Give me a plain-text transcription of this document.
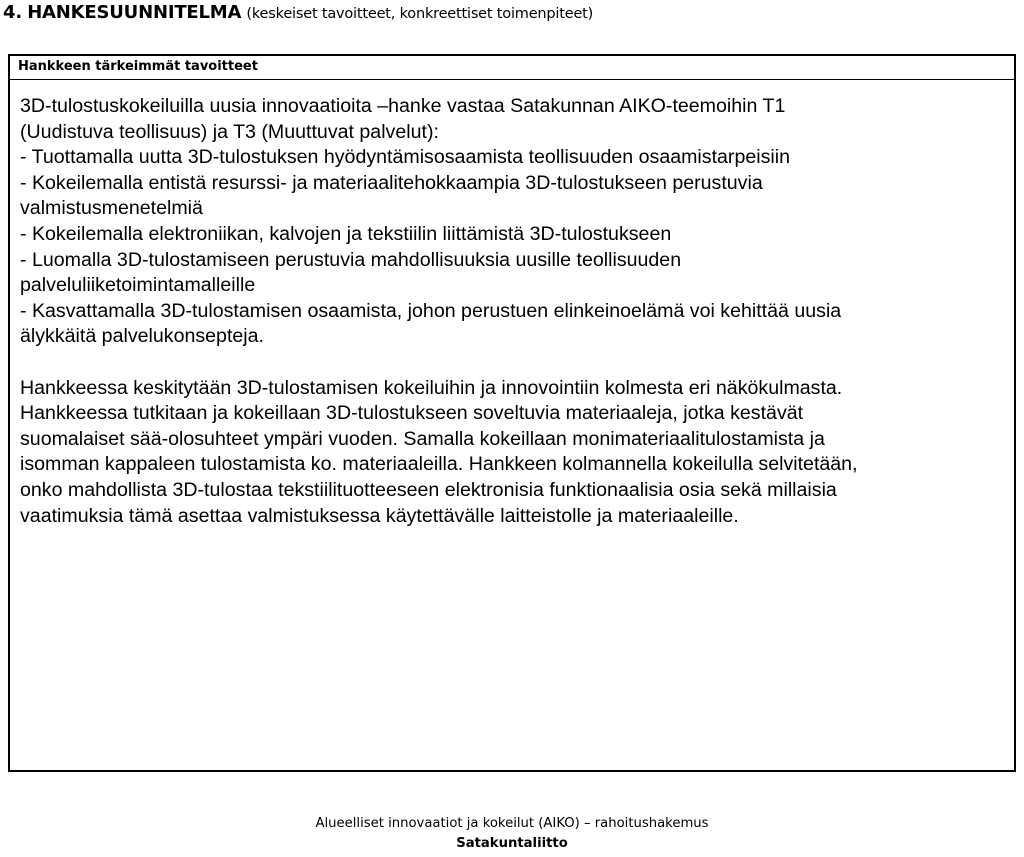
4. HANKESUUNNITELMA (keskeiset tavoitteet, konkreettiset toimenpiteet)
Hankkeen tärkeimmät tavoitteet

3D-tulostuskokeiluilla uusia innovaatioita –hanke vastaa Satakunnan AIKO-teemoihin T1

(Uudistuva teollisuus) ja T3 (Muuttuvat palvelut):

- Tuottamalla uutta 3D-tulostuksen hyödyntämisosaamista teollisuuden osaamistarpeisiin

- Kokeilemalla entistä resurssi- ja materiaalitehokkaampia 3D-tulostukseen perustuvia

valmistusmenetelmiä

- Kokeilemalla elektroniikan, kalvojen ja tekstiilin liittämistä 3D-tulostukseen

- Luomalla 3D-tulostamiseen perustuvia mahdollisuuksia uusille teollisuuden

palveluliiketoimintamalleille

- Kasvattamalla 3D-tulostamisen osaamista, johon perustuen elinkeinoelämä voi kehittää uusia

älykkäitä palvelukonsepteja.

Hankkeessa keskitytään 3D-tulostamisen kokeiluihin ja innovointiin kolmesta eri näkökulmasta.

Hankkeessa tutkitaan ja kokeillaan 3D-tulostukseen soveltuvia materiaaleja, jotka kestävät

suomalaiset sää-olosuhteet ympäri vuoden. Samalla kokeillaan monimateriaalitulostamista ja

isomman kappaleen tulostamista ko. materiaaleilla. Hankkeen kolmannella kokeilulla selvitetään,

onko mahdollista 3D-tulostaa tekstiilituotteeseen elektronisia funktionaalisia osia sekä millaisia

vaatimuksia tämä asettaa valmistuksessa käytettävälle laitteistolle ja materiaaleille.

Alueelliset innovaatiot ja kokeilut (AIKO) – rahoitushakemus
Satakuntaliitto
